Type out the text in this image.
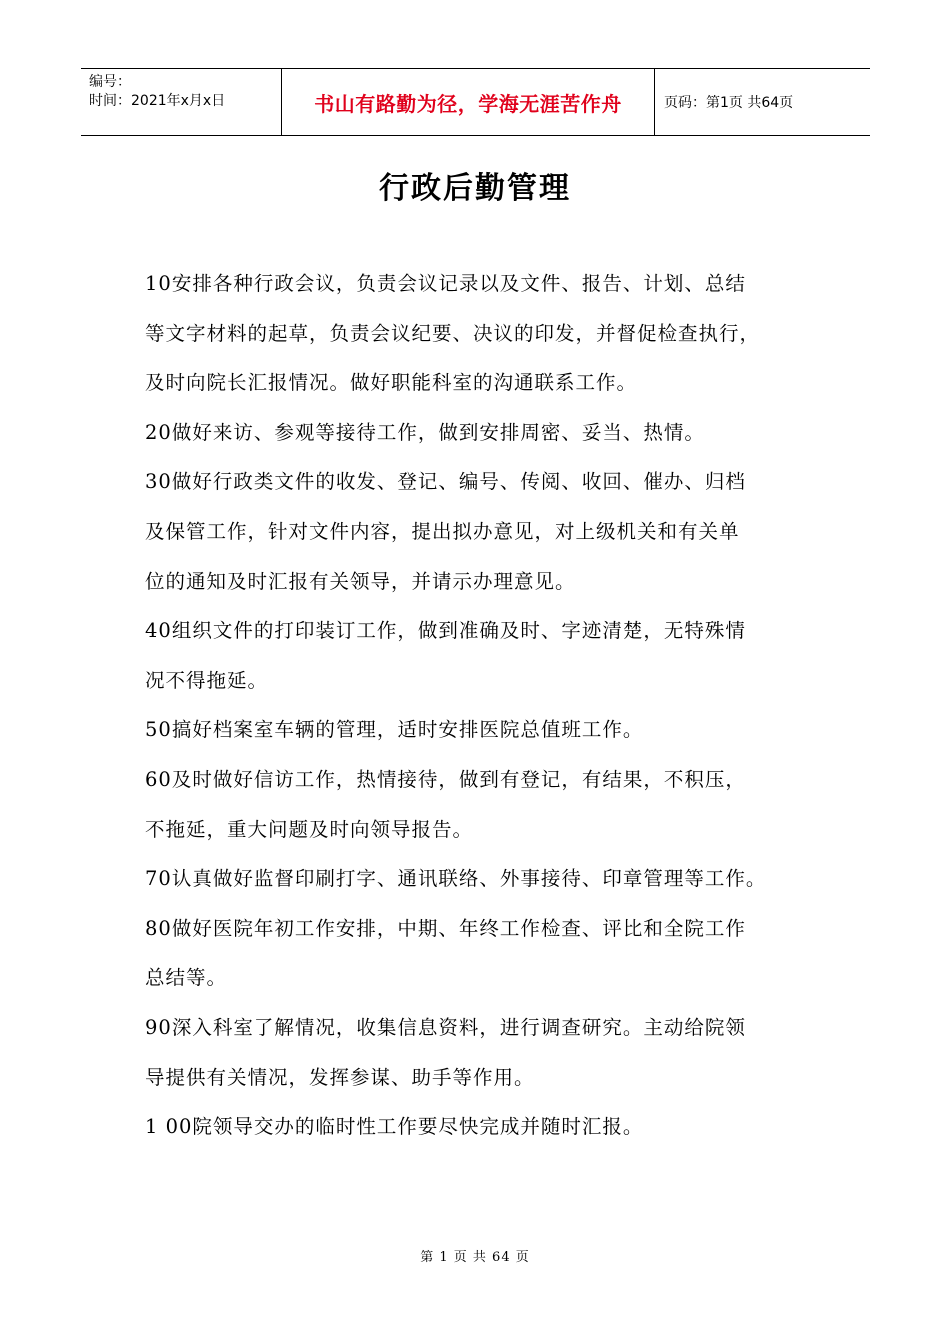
编号：
时间：2021年x月x日	书山有路勤为径，学海无涯苦作舟	页码：第1页 共64页
行政后勤管理
10安排各种行政会议，负责会议记录以及文件、报告、计划、总结
等文字材料的起草，负责会议纪要、决议的印发，并督促检查执行，
及时向院长汇报情况。做好职能科室的沟通联系工作。
20做好来访、参观等接待工作，做到安排周密、妥当、热情。
30做好行政类文件的收发、登记、编号、传阅、收回、催办、归档
及保管工作，针对文件内容，提出拟办意见，对上级机关和有关单
位的通知及时汇报有关领导，并请示办理意见。
40组织文件的打印装订工作，做到准确及时、字迹清楚，无特殊情
况不得拖延。
50搞好档案室车辆的管理，适时安排医院总值班工作。
60及时做好信访工作，热情接待，做到有登记，有结果，不积压，
不拖延，重大问题及时向领导报告。
70认真做好监督印刷打字、通讯联络、外事接待、印章管理等工作。
80做好医院年初工作安排，中期、年终工作检查、评比和全院工作
总结等。
90深入科室了解情况，收集信息资料，进行调查研究。主动给院领
导提供有关情况，发挥参谋、助手等作用。
1 00院领导交办的临时性工作要尽快完成并随时汇报。
第 1 页 共 64 页
